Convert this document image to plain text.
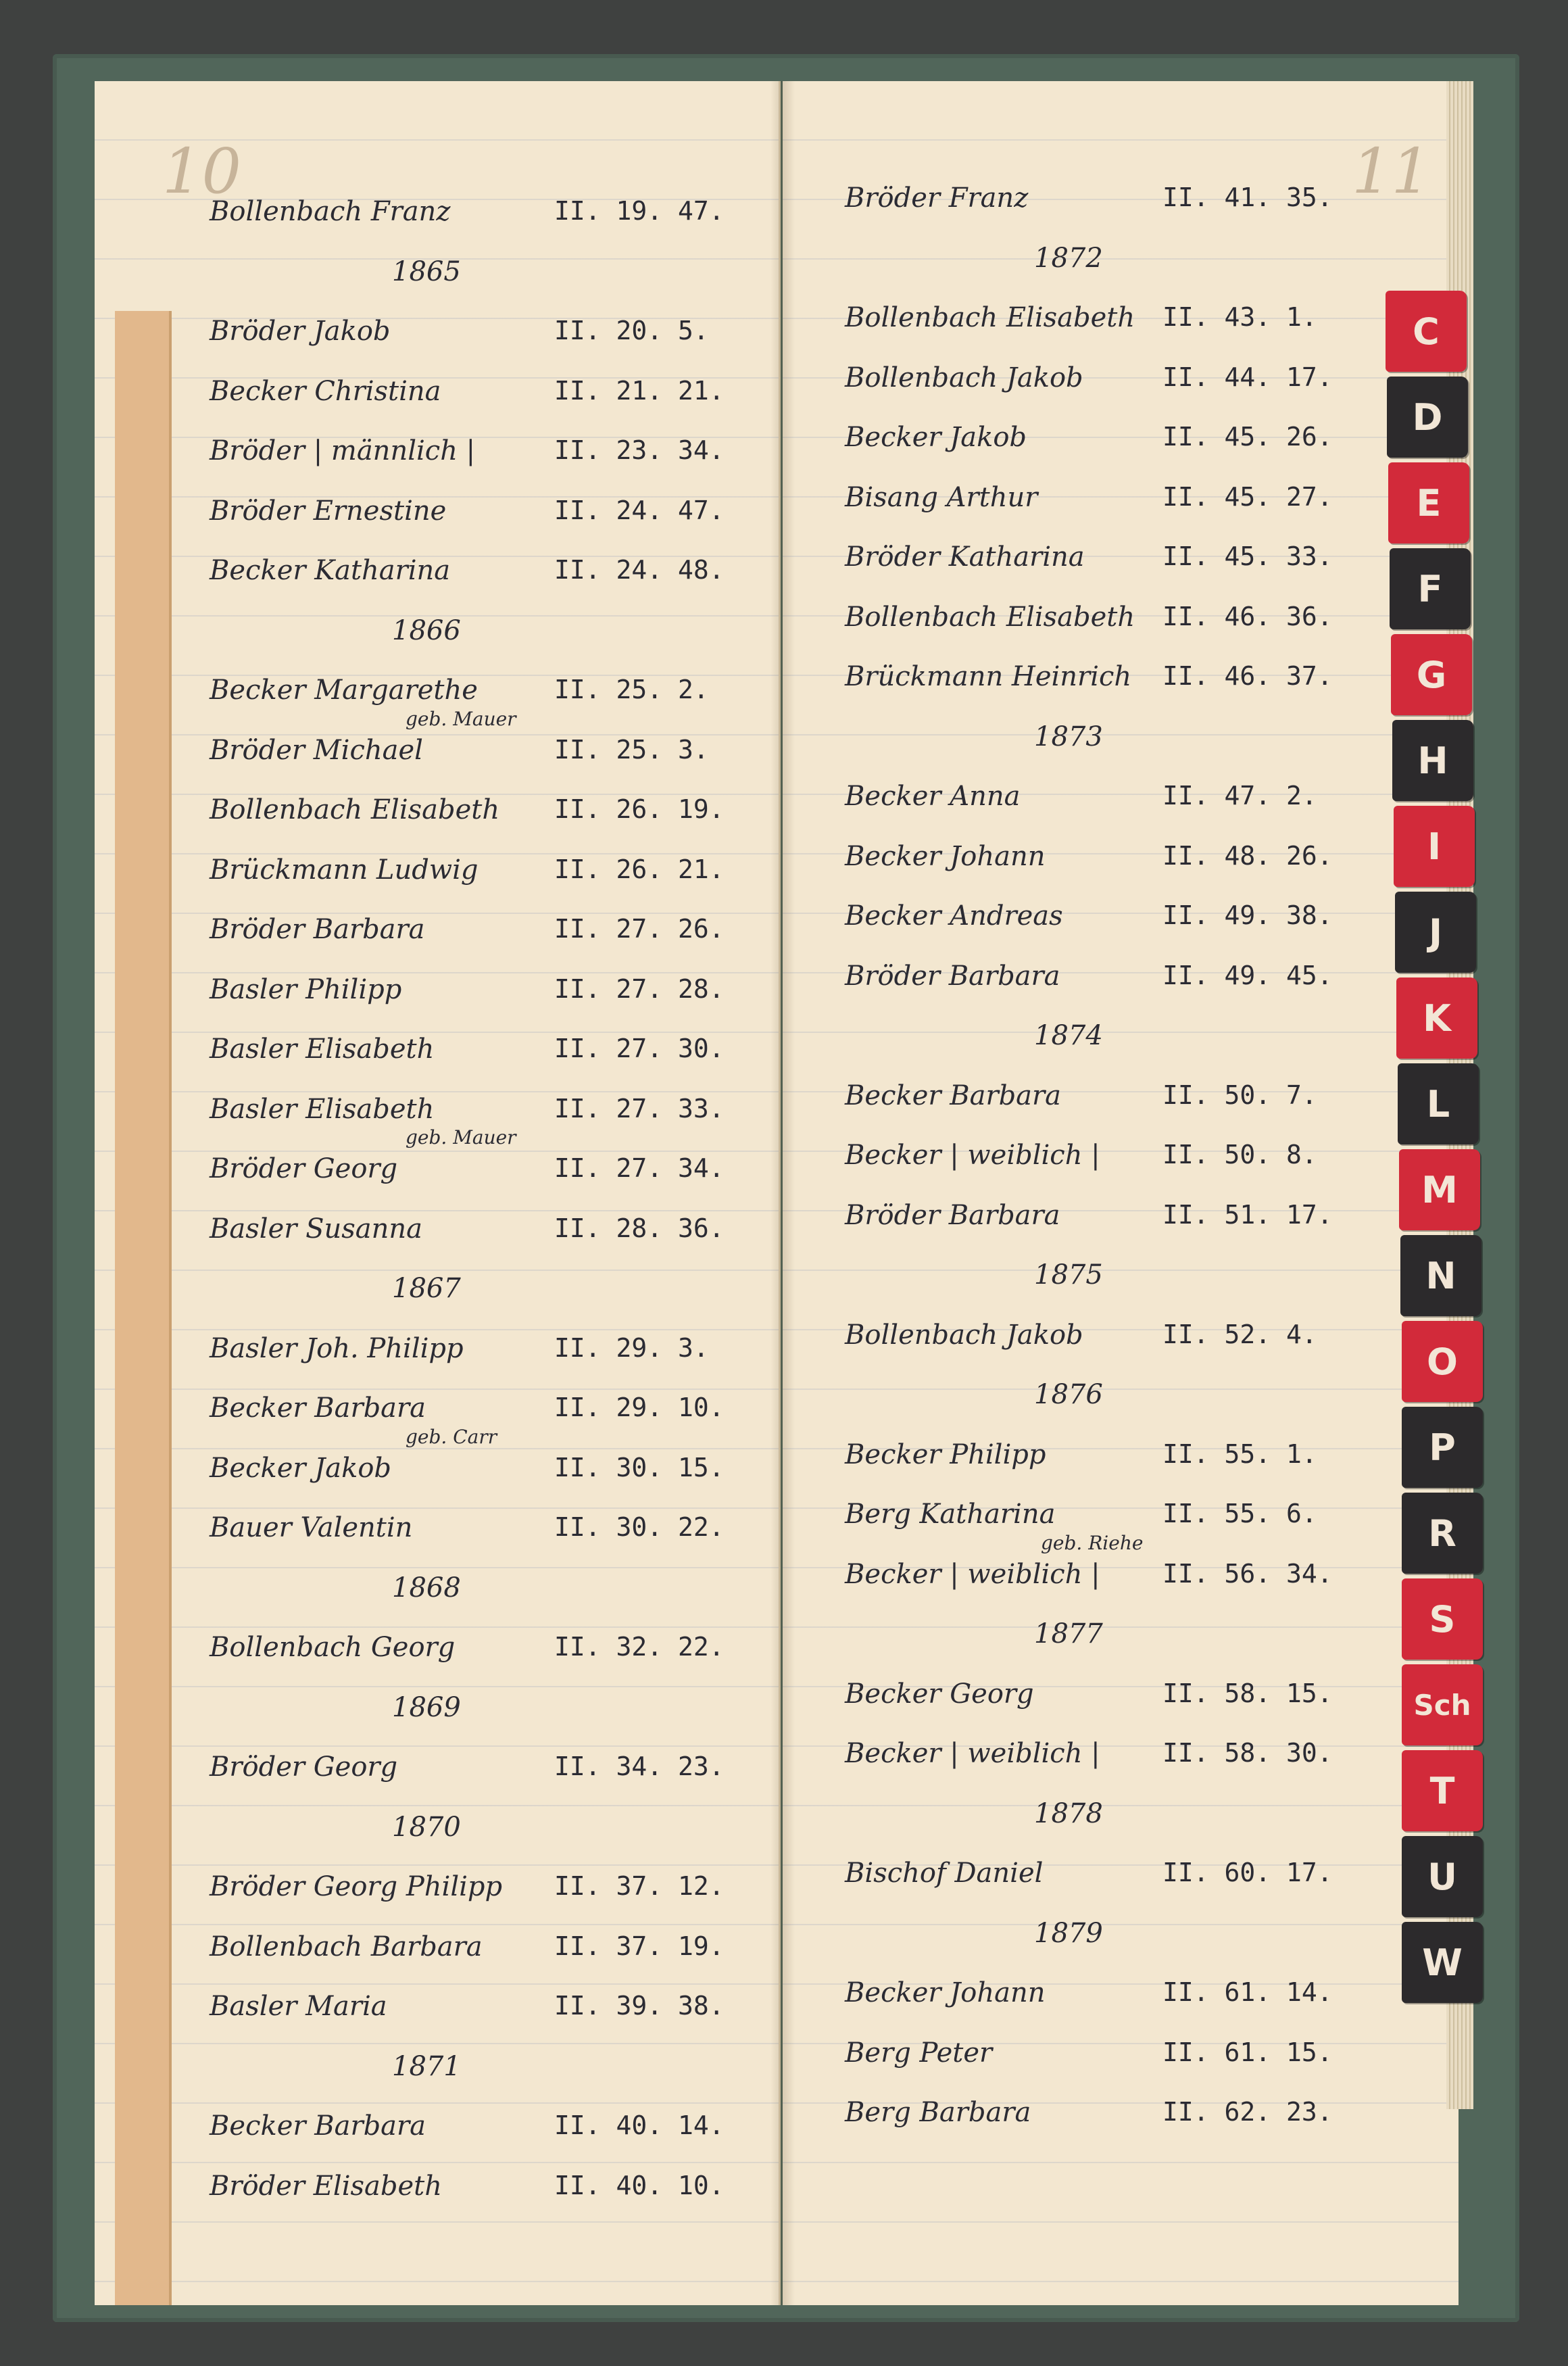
10	11
Bollenbach Franz	II. 19. 47.
1865
Bröder Jakob	II. 20. 5.
Becker Christina	II. 21. 21.
Bröder | männlich |	II. 23. 34.
Bröder Ernestine	II. 24. 47.
Becker Katharina	II. 24. 48.
1866
Becker Margarethe	II. 25. 2.
geb. Mauer
Bröder Michael	II. 25. 3.
Bollenbach Elisabeth II. 26. 19.
Brückmann Ludwig	II. 26. 21.
Bröder Barbara	II. 27. 26.
Basler Philipp	II. 27. 28.
Basler Elisabeth	II. 27. 30.
Basler Elisabeth	II. 27. 33.
geb. Mauer
Bröder Georg	II. 27. 34.
Basler Susanna	II. 28. 36.
1867
Basler Joh. Philipp	II. 29. 3.
Becker Barbara	II. 29. 10.
geb. Carr
Becker Jakob	II. 30. 15.
Bauer Valentin	II. 30. 22.
1868
Bollenbach Georg	II. 32. 22.
1869
Bröder Georg	II. 34. 23.
1870
Bröder Georg Philipp II. 37. 12.
Bollenbach Barbara	II. 37. 19.
Basler Maria	II. 39. 38.
1871
Becker Barbara	II. 40. 14.
Bröder Elisabeth	II. 40. 10.
Bröder Franz	II. 41. 35.
1872
Bollenbach Elisabeth II. 43. 1.
Bollenbach Jakob	II. 44. 17.
Becker Jakob	II. 45. 26.
Bisang Arthur	II. 45. 27.
Bröder Katharina	II. 45. 33.
Bollenbach Elisabeth II. 46. 36.
Brückmann Heinrich II. 46. 37.
1873
Becker Anna	II. 47. 2.
Becker Johann	II. 48. 26.
Becker Andreas	II. 49. 38.
Bröder Barbara	II. 49. 45.
1874
Becker Barbara	II. 50. 7.
Becker | weiblich | II. 50. 8.
Bröder Barbara	II. 51. 17.
1875
Bollenbach Jakob	II. 52. 4.
1876
Becker Philipp	II. 55. 1.
Berg Katharina	II. 55. 6.
geb. Riehe
Becker | weiblich | II. 56. 34.
1877
Becker Georg	II. 58. 15.
Becker | weiblich | II. 58. 30.
1878
Bischof Daniel	II. 60. 17.
1879
Becker Johann	II. 61. 14.
Berg Peter	II. 61. 15.
Berg Barbara	II. 62. 23.
C
D
E
F
G
H
I
J
K
L
M
N
O
P
R
S
Sch
T
U
W
